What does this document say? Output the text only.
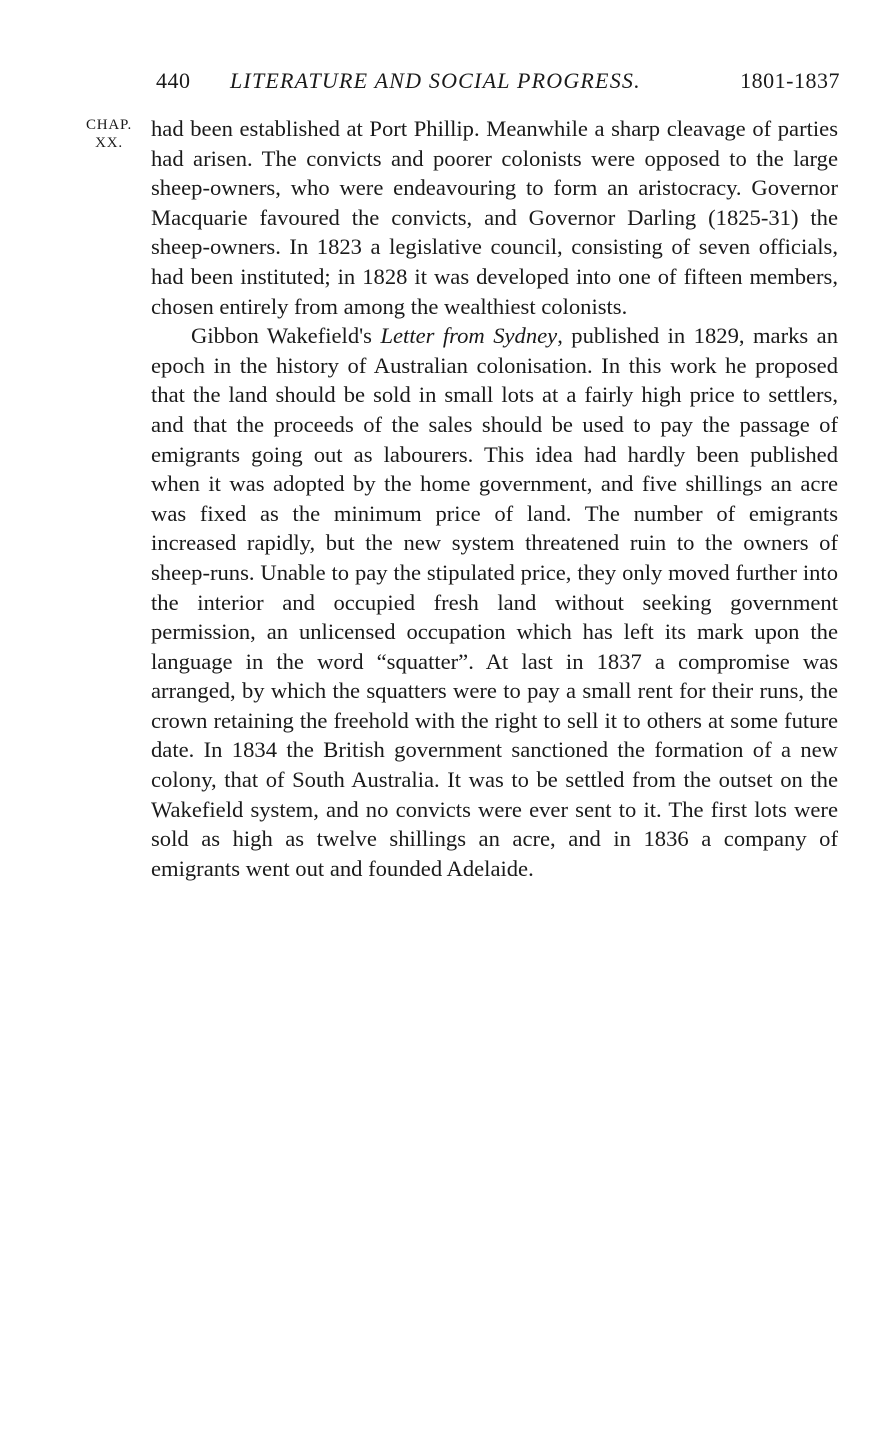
440 LITERATURE AND SOCIAL PROGRESS.	1801-1837
CHAP.
XX.

had been established at Port Phillip. Meanwhile a sharp cleavage of parties had arisen. The convicts and poorer colonists were opposed to the large sheep-owners, who were endeavouring to form an aristocracy. Governor Macquarie favoured the convicts, and Governor Darling (1825-31) the sheep-owners. In 1823 a legislative council, consisting of seven officials, had been instituted; in 1828 it was developed into one of fifteen members, chosen entirely from among the wealthiest colonists.

Gibbon Wakefield's Letter from Sydney, published in 1829, marks an epoch in the history of Australian colonisation. In this work he proposed that the land should be sold in small lots at a fairly high price to settlers, and that the proceeds of the sales should be used to pay the passage of emigrants going out as labourers. This idea had hardly been published when it was adopted by the home government, and five shillings an acre was fixed as the minimum price of land. The number of emigrants increased rapidly, but the new system threatened ruin to the owners of sheep-runs. Unable to pay the stipulated price, they only moved further into the interior and occupied fresh land without seeking government permission, an unlicensed occupation which has left its mark upon the language in the word “squatter”. At last in 1837 a compromise was arranged, by which the squatters were to pay a small rent for their runs, the crown retaining the freehold with the right to sell it to others at some future date. In 1834 the British government sanctioned the formation of a new colony, that of South Australia. It was to be settled from the outset on the Wakefield system, and no convicts were ever sent to it. The first lots were sold as high as twelve shillings an acre, and in 1836 a company of emigrants went out and founded Adelaide.
